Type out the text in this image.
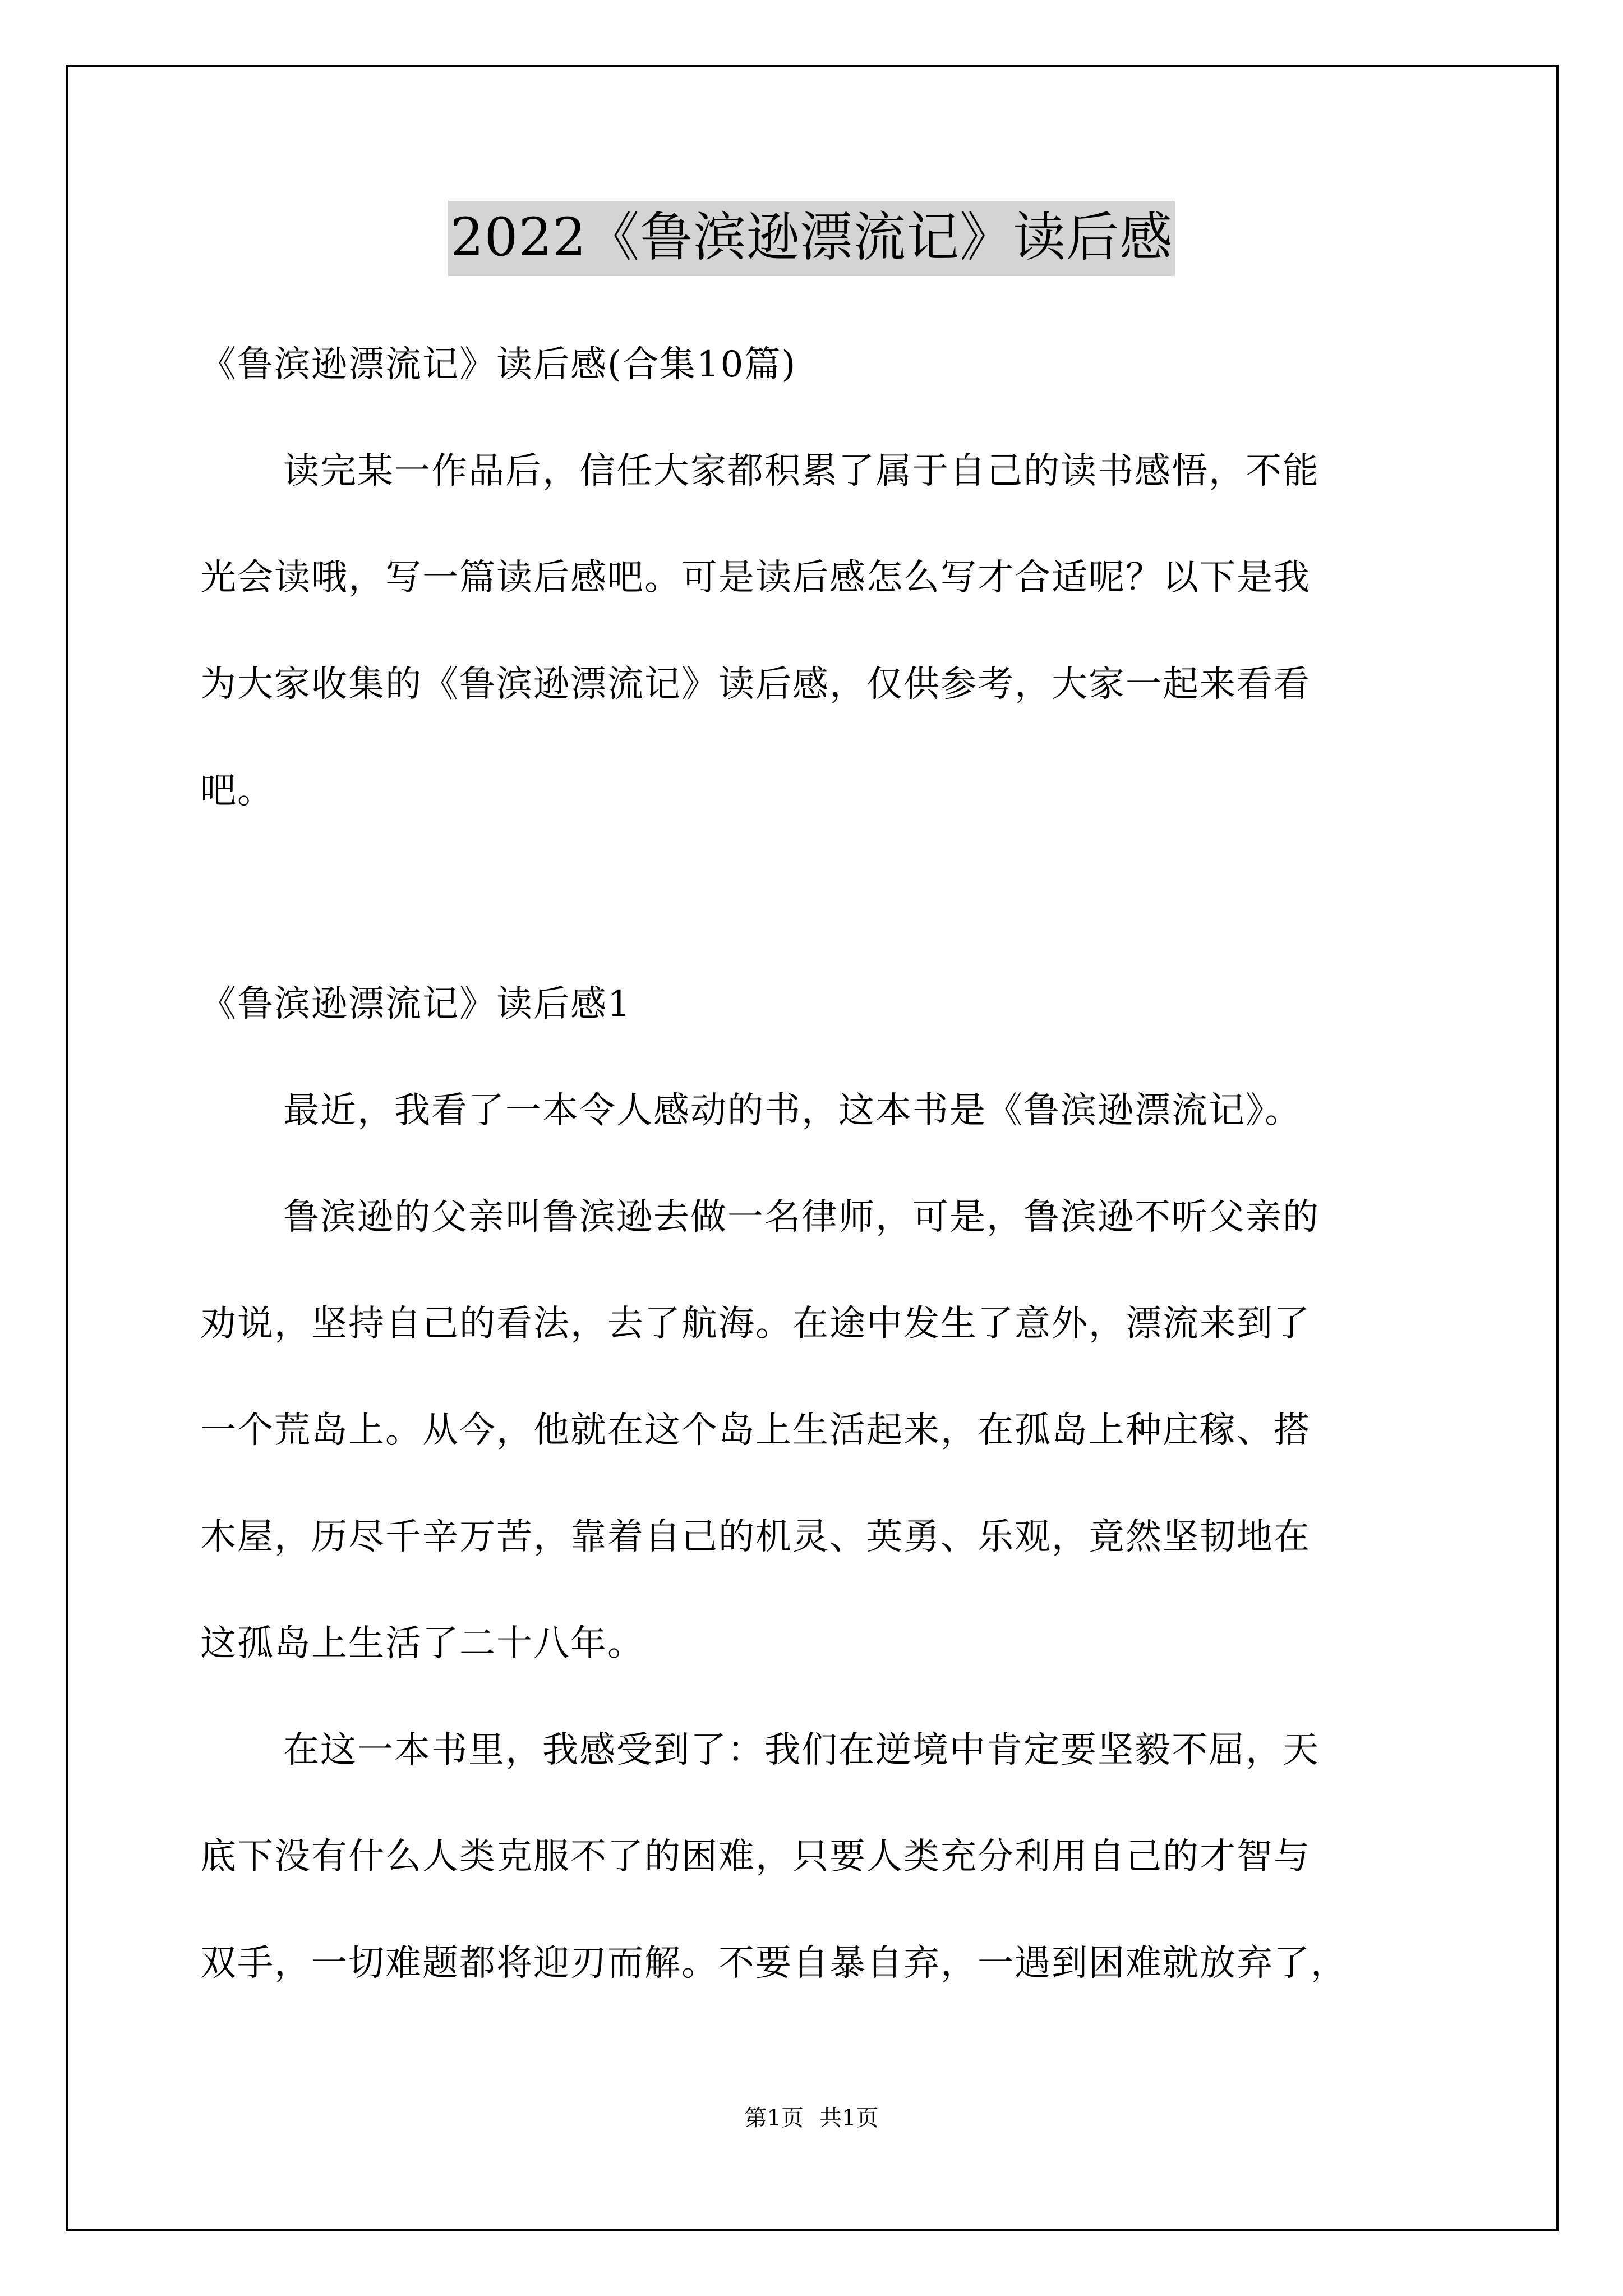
2022《鲁滨逊漂流记》读后感
《鲁滨逊漂流记》读后感(合集10篇)
读完某一作品后，信任大家都积累了属于自己的读书感悟，不能
光会读哦，写一篇读后感吧。可是读后感怎么写才合适呢？以下是我
为大家收集的《鲁滨逊漂流记》读后感，仅供参考，大家一起来看看
吧。
《鲁滨逊漂流记》读后感1
最近，我看了一本令人感动的书，这本书是《鲁滨逊漂流记》。
鲁滨逊的父亲叫鲁滨逊去做一名律师，可是，鲁滨逊不听父亲的
劝说，坚持自己的看法，去了航海。在途中发生了意外，漂流来到了
一个荒岛上。从今，他就在这个岛上生活起来，在孤岛上种庄稼、搭
木屋，历尽千辛万苦，靠着自己的机灵、英勇、乐观，竟然坚韧地在
这孤岛上生活了二十八年。
在这一本书里，我感受到了：我们在逆境中肯定要坚毅不屈，天
底下没有什么人类克服不了的困难，只要人类充分利用自己的才智与
双手，一切难题都将迎刃而解。不要自暴自弃，一遇到困难就放弃了，
第1页 共1页
